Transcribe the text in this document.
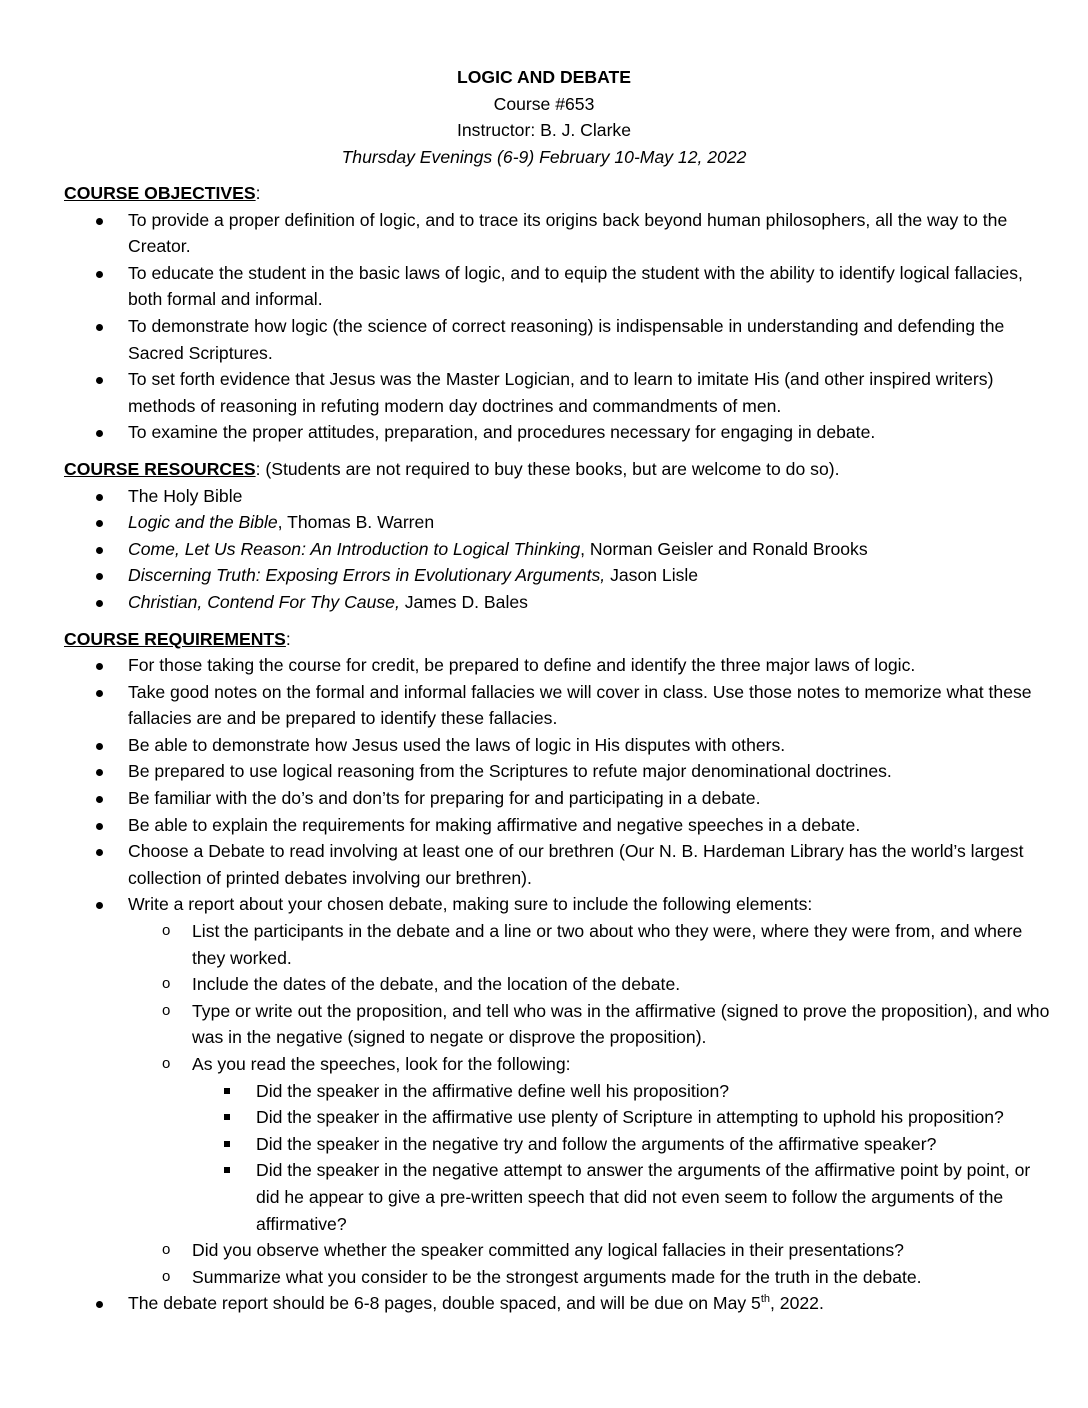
LOGIC AND DEBATE
Course #653
Instructor: B. J. Clarke
Thursday Evenings (6-9) February 10-May 12, 2022
COURSE OBJECTIVES:
To provide a proper definition of logic, and to trace its origins back beyond human philosophers, all the way to the Creator.
To educate the student in the basic laws of logic, and to equip the student with the ability to identify logical fallacies, both formal and informal.
To demonstrate how logic (the science of correct reasoning) is indispensable in understanding and defending the Sacred Scriptures.
To set forth evidence that Jesus was the Master Logician, and to learn to imitate His (and other inspired writers) methods of reasoning in refuting modern day doctrines and commandments of men.
To examine the proper attitudes, preparation, and procedures necessary for engaging in debate.
COURSE RESOURCES: (Students are not required to buy these books, but are welcome to do so).
The Holy Bible
Logic and the Bible, Thomas B. Warren
Come, Let Us Reason: An Introduction to Logical Thinking, Norman Geisler and Ronald Brooks
Discerning Truth: Exposing Errors in Evolutionary Arguments, Jason Lisle
Christian, Contend For Thy Cause, James D. Bales
COURSE REQUIREMENTS:
For those taking the course for credit, be prepared to define and identify the three major laws of logic.
Take good notes on the formal and informal fallacies we will cover in class. Use those notes to memorize what these fallacies are and be prepared to identify these fallacies.
Be able to demonstrate how Jesus used the laws of logic in His disputes with others.
Be prepared to use logical reasoning from the Scriptures to refute major denominational doctrines.
Be familiar with the do’s and don’ts for preparing for and participating in a debate.
Be able to explain the requirements for making affirmative and negative speeches in a debate.
Choose a Debate to read involving at least one of our brethren (Our N. B. Hardeman Library has the world’s largest collection of printed debates involving our brethren).
Write a report about your chosen debate, making sure to include the following elements:
o List the participants in the debate and a line or two about who they were, where they were from, and where they worked.
o Include the dates of the debate, and the location of the debate.
o Type or write out the proposition, and tell who was in the affirmative (signed to prove the proposition), and who was in the negative (signed to negate or disprove the proposition).
o As you read the speeches, look for the following:
Did the speaker in the affirmative define well his proposition?
Did the speaker in the affirmative use plenty of Scripture in attempting to uphold his proposition?
Did the speaker in the negative try and follow the arguments of the affirmative speaker?
Did the speaker in the negative attempt to answer the arguments of the affirmative point by point, or did he appear to give a pre-written speech that did not even seem to follow the arguments of the affirmative?
o Did you observe whether the speaker committed any logical fallacies in their presentations?
o Summarize what you consider to be the strongest arguments made for the truth in the debate.
The debate report should be 6-8 pages, double spaced, and will be due on May 5th, 2022.
